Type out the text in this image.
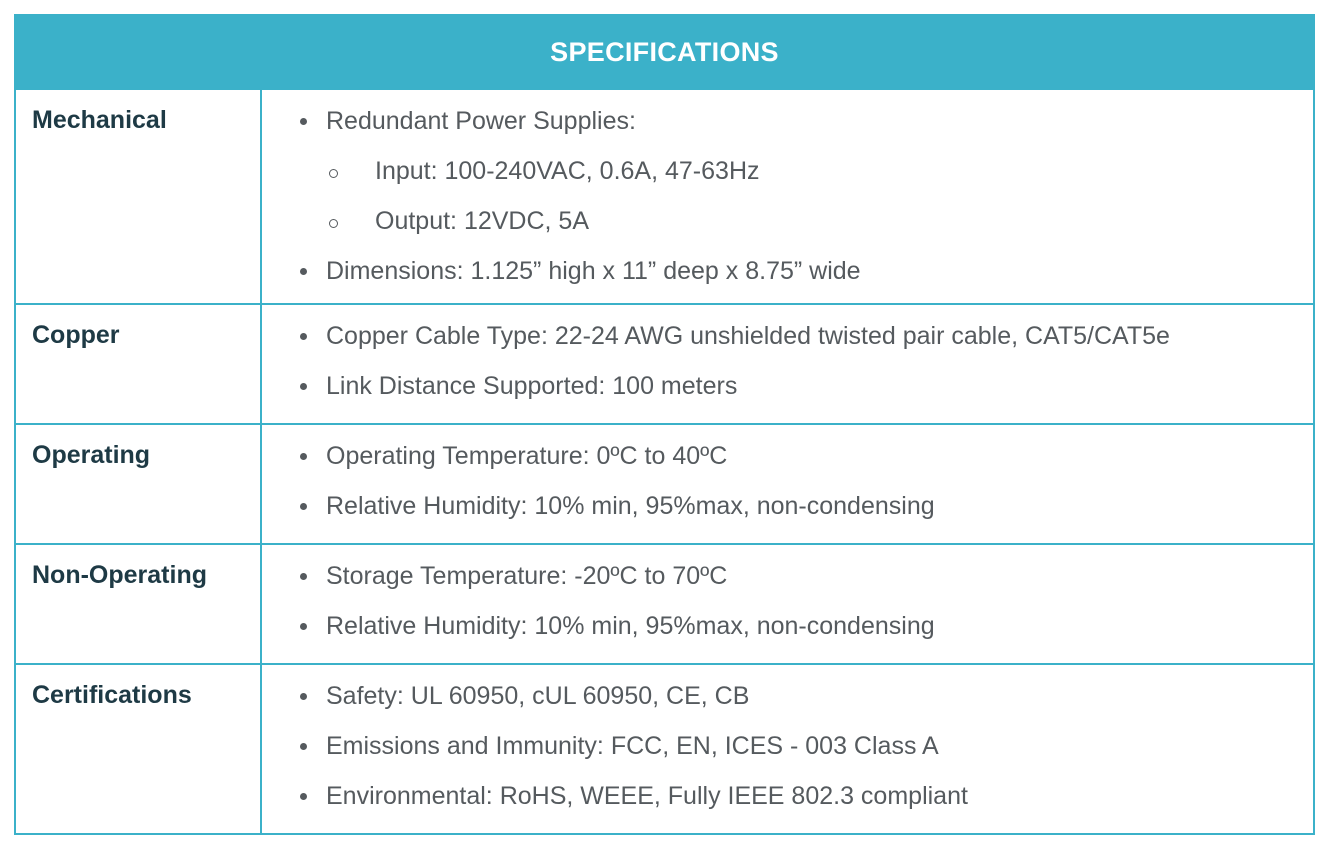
SPECIFICATIONS
Mechanical	Redundant Power Supplies:
Input: 100-240VAC, 0.6A, 47-63Hz
Output: 12VDC, 5A
Dimensions: 1.125” high x 11” deep x 8.75” wide
Copper	Copper Cable Type: 22-24 AWG unshielded twisted pair cable, CAT5/CAT5e
Link Distance Supported: 100 meters
Operating	Operating Temperature: 0ºC to 40ºC
Relative Humidity: 10% min, 95%max, non-condensing
Non-Operating	Storage Temperature: -20ºC to 70ºC
Relative Humidity: 10% min, 95%max, non-condensing
Certifications	Safety: UL 60950, cUL 60950, CE, CB
Emissions and Immunity: FCC, EN, ICES - 003 Class A
Environmental: RoHS, WEEE, Fully IEEE 802.3 compliant
